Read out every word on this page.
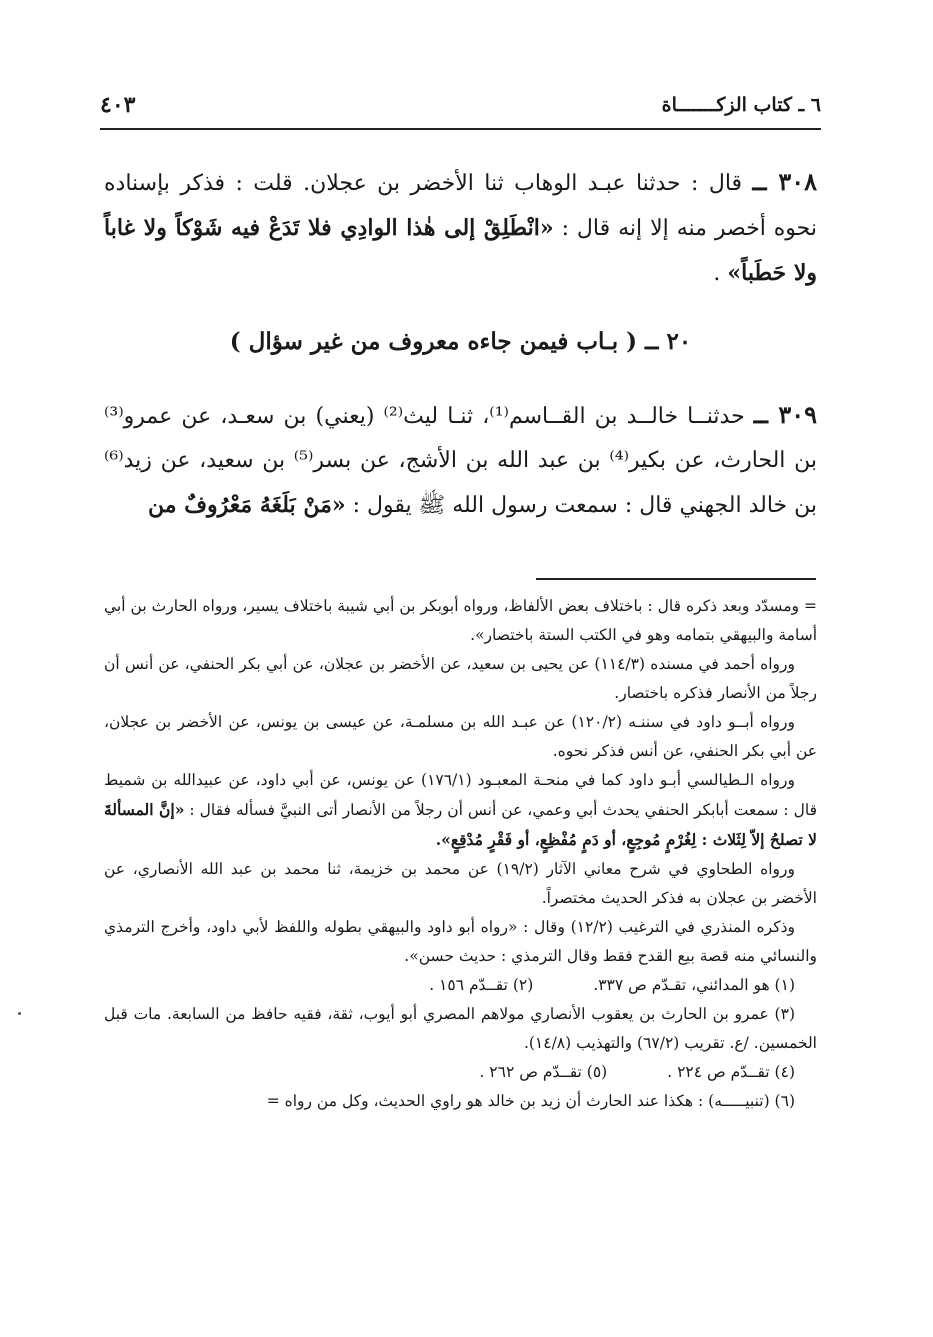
٦ ـ كتاب الزكـــــــاة
٤٠٣
٣٠٨ ــ قال : حدثنا عبـد الوهاب ثنا الأخضر بن عجلان. قلت : فذكر بإسناده نحوه أخصر منه إلا إنه قال : «انْطَلِقْ إلى هٰذا الوادِي فلا تَدَعْ فيه شَوْكاً ولا غاباً ولا حَطَباً» .
٢٠ ــ ( بـاب فيمن جاءه معروف من غير سؤال )
٣٠٩ ــ حدثنــا خالــد بن القــاسم⁽¹⁾، ثنـا ليث⁽²⁾ (يعني) بن سعـد، عن عمرو⁽³⁾ بن الحارث، عن بكير⁽⁴⁾ بن عبد الله بن الأشج، عن بسر⁽⁵⁾ بن سعيد، عن زيد⁽⁶⁾ بن خالد الجهني قال : سمعت رسول الله ﷺ يقول : «مَنْ بَلَغَهُ مَعْرُوفٌ من

= ومسدّد وبعد ذكره قال : باختلاف بعض الألفاظ، ورواه أبوبكر بن أبي شيبة باختلاف يسير، ورواه الحارث بن أبي أسامة والبيهقي بتمامه وهو في الكتب الستة باختصار».

ورواه أحمد في مسنده (١١٤/٣) عن يحيى بن سعيد، عن الأخضر بن عجلان، عن أبي بكر الحنفي، عن أنس أن رجلاً من الأنصار فذكره باختصار.

ورواه أبــو داود في سننـه (١٢٠/٢) عن عبـد الله بن مسلمـة، عن عيسى بن يونس، عن الأخضر بن عجلان، عن أبي بكر الحنفي، عن أنس فذكر نحوه.

ورواه الـطيالسي أبـو داود كما في منحـة المعبـود (١٧٦/١) عن يونس، عن أبي داود، عن عبيدالله بن شميط قال : سمعت أبابكر الحنفي يحدث أبي وعمي، عن أنس أن رجلاً من الأنصار أتى النبيَّ فسأله فقال : «إنَّ المسألةَ لا تصلحُ إلاّ لِثَلاث : لِغُرْمٍ مُوجِعٍ، أو دَمٍ مُفْظِعٍ، أو فَقْرٍ مُدْقِعٍ».

ورواه الطحاوي في شرح معاني الآثار (١٩/٢) عن محمد بن خزيمة، ثنا محمد بن عبد الله الأنصاري، عن الأخضر بن عجلان به فذكر الحديث مختصراً.

وذكره المنذري في الترغيب (١٢/٢) وقال : «رواه أبو داود والبيهقي بطوله واللفظ لأبي داود، وأخرج الترمذي والنسائي منه قصة بيع القدح فقط وقال الترمذي : حديث حسن».

(١) هو المدائني، تقـدّم ص ٣٣٧.
(٢) تقــدّم ١٥٦ .

(٣) عمرو بن الحارث بن يعقوب الأنصاري مولاهم المصري أبو أيوب، ثقة، فقيه حافظ من السابعة. مات قبل الخمسين. /ع. تقريب (٦٧/٢) والتهذيب (١٤/٨).

(٤) تقــدّم ص ٢٢٤ .
(٥) تقــدّم ص ٢٦٢ .

(٦) (تنبيـــــه) : هكذا عند الحارث أن زيد بن خالد هو راوي الحديث، وكل من رواه =
